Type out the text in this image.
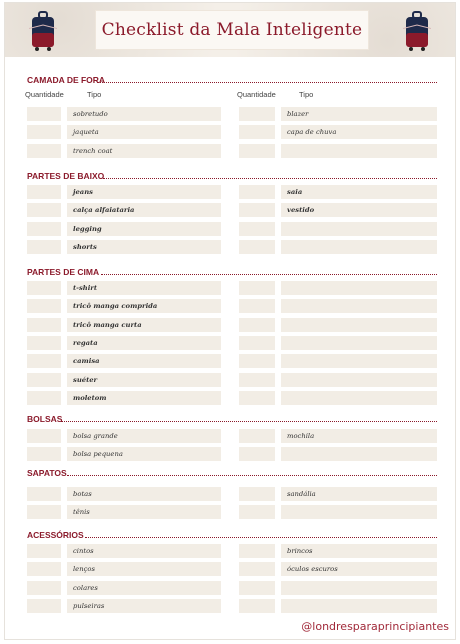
Checklist da Mala Inteligente
CAMADA DE FORA
Quantidade	Tipo	Quantidade	Tipo
sobretudo	blazer
jaqueta	capa de chuva
trench coat
PARTES DE BAIXO
jeans	saia
calça alfaiataria	vestido
legging
shorts
PARTES DE CIMA
t-shirt
tricô manga comprida
tricô manga curta
regata
camisa
suéter
moletom
BOLSAS
bolsa grande	mochila
bolsa pequena
SAPATOS
botas	sandália
tênis
ACESSÓRIOS
cintos	brincos
lenços	óculos escuros
colares
pulseiras
@londresparaprincipiantes
